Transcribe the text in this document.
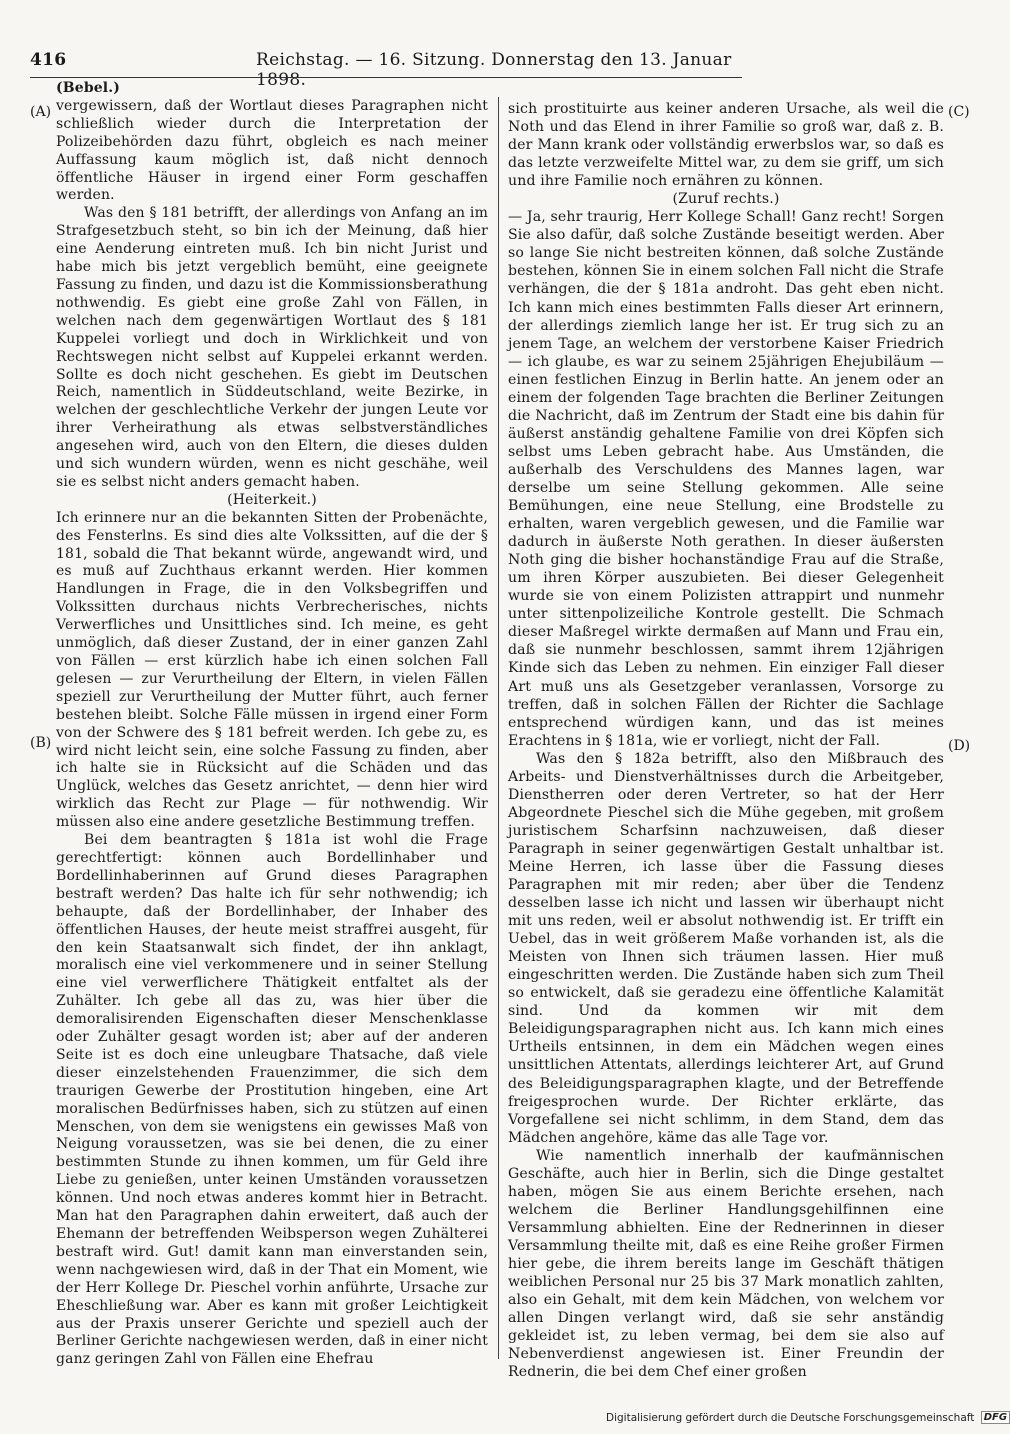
416	Reichstag. — 16. Sitzung. Donnerstag den 13. Januar 1898.
(A)
(B)
(C)
(D)

(Bebel.)

vergewissern, daß der Wortlaut dieses Paragraphen nicht schließlich wieder durch die Interpretation der Polizeibehörden dazu führt, obgleich es nach meiner Auffassung kaum möglich ist, daß nicht dennoch öffentliche Häuser in irgend einer Form geschaffen werden.

Was den § 181 betrifft, der allerdings von Anfang an im Strafgesetzbuch steht, so bin ich der Meinung, daß hier eine Aenderung eintreten muß. Ich bin nicht Jurist und habe mich bis jetzt vergeblich bemüht, eine geeignete Fassung zu finden, und dazu ist die Kommissionsberathung nothwendig. Es giebt eine große Zahl von Fällen, in welchen nach dem gegenwärtigen Wortlaut des § 181 Kuppelei vorliegt und doch in Wirklichkeit und von Rechtswegen nicht selbst auf Kuppelei erkannt werden. Sollte es doch nicht geschehen. Es giebt im Deutschen Reich, namentlich in Süddeutschland, weite Bezirke, in welchen der geschlechtliche Verkehr der jungen Leute vor ihrer Verheirathung als etwas selbstverständliches angesehen wird, auch von den Eltern, die dieses dulden und sich wundern würden, wenn es nicht geschähe, weil sie es selbst nicht anders gemacht haben.

(Heiterkeit.)

Ich erinnere nur an die bekannten Sitten der Probenächte, des Fensterlns. Es sind dies alte Volkssitten, auf die der § 181, sobald die That bekannt würde, angewandt wird, und es muß auf Zuchthaus erkannt werden. Hier kommen Handlungen in Frage, die in den Volksbegriffen und Volkssitten durchaus nichts Verbrecherisches, nichts Verwerfliches und Unsittliches sind. Ich meine, es geht unmöglich, daß dieser Zustand, der in einer ganzen Zahl von Fällen — erst kürzlich habe ich einen solchen Fall gelesen — zur Verurtheilung der Eltern, in vielen Fällen speziell zur Verurtheilung der Mutter führt, auch ferner bestehen bleibt. Solche Fälle müssen in irgend einer Form von der Schwere des § 181 befreit werden. Ich gebe zu, es wird nicht leicht sein, eine solche Fassung zu finden, aber ich halte sie in Rücksicht auf die Schäden und das Unglück, welches das Gesetz anrichtet, — denn hier wird wirklich das Recht zur Plage — für nothwendig. Wir müssen also eine andere gesetzliche Bestimmung treffen.

Bei dem beantragten § 181a ist wohl die Frage gerechtfertigt: können auch Bordellinhaber und Bordellinhaberinnen auf Grund dieses Paragraphen bestraft werden? Das halte ich für sehr nothwendig; ich behaupte, daß der Bordellinhaber, der Inhaber des öffentlichen Hauses, der heute meist straffrei ausgeht, für den kein Staatsanwalt sich findet, der ihn anklagt, moralisch eine viel verkommenere und in seiner Stellung eine viel verwerflichere Thätigkeit entfaltet als der Zuhälter. Ich gebe all das zu, was hier über die demoralisirenden Eigenschaften dieser Menschenklasse oder Zuhälter gesagt worden ist; aber auf der anderen Seite ist es doch eine unleugbare Thatsache, daß viele dieser einzelstehenden Frauenzimmer, die sich dem traurigen Gewerbe der Prostitution hingeben, eine Art moralischen Bedürfnisses haben, sich zu stützen auf einen Menschen, von dem sie wenigstens ein gewisses Maß von Neigung voraussetzen, was sie bei denen, die zu einer bestimmten Stunde zu ihnen kommen, um für Geld ihre Liebe zu genießen, unter keinen Umständen voraussetzen können. Und noch etwas anderes kommt hier in Betracht. Man hat den Paragraphen dahin erweitert, daß auch der Ehemann der betreffenden Weibsperson wegen Zuhälterei bestraft wird. Gut! damit kann man einverstanden sein, wenn nachgewiesen wird, daß in der That ein Moment, wie der Herr Kollege Dr. Pieschel vorhin anführte, Ursache zur Eheschließung war. Aber es kann mit großer Leichtigkeit aus der Praxis unserer Gerichte und speziell auch der Berliner Gerichte nachgewiesen werden, daß in einer nicht ganz geringen Zahl von Fällen eine Ehefrau

sich prostituirte aus keiner anderen Ursache, als weil die Noth und das Elend in ihrer Familie so groß war, daß z. B. der Mann krank oder vollständig erwerbslos war, so daß es das letzte verzweifelte Mittel war, zu dem sie griff, um sich und ihre Familie noch ernähren zu können.

(Zuruf rechts.)

— Ja, sehr traurig, Herr Kollege Schall! Ganz recht! Sorgen Sie also dafür, daß solche Zustände beseitigt werden. Aber so lange Sie nicht bestreiten können, daß solche Zustände bestehen, können Sie in einem solchen Fall nicht die Strafe verhängen, die der § 181a androht. Das geht eben nicht. Ich kann mich eines bestimmten Falls dieser Art erinnern, der allerdings ziemlich lange her ist. Er trug sich zu an jenem Tage, an welchem der verstorbene Kaiser Friedrich — ich glaube, es war zu seinem 25jährigen Ehejubiläum — einen festlichen Einzug in Berlin hatte. An jenem oder an einem der folgenden Tage brachten die Berliner Zeitungen die Nachricht, daß im Zentrum der Stadt eine bis dahin für äußerst anständig gehaltene Familie von drei Köpfen sich selbst ums Leben gebracht habe. Aus Umständen, die außerhalb des Verschuldens des Mannes lagen, war derselbe um seine Stellung gekommen. Alle seine Bemühungen, eine neue Stellung, eine Brodstelle zu erhalten, waren vergeblich gewesen, und die Familie war dadurch in äußerste Noth gerathen. In dieser äußersten Noth ging die bisher hochanständige Frau auf die Straße, um ihren Körper auszubieten. Bei dieser Gelegenheit wurde sie von einem Polizisten attrappirt und nunmehr unter sittenpolizeiliche Kontrole gestellt. Die Schmach dieser Maßregel wirkte dermaßen auf Mann und Frau ein, daß sie nunmehr beschlossen, sammt ihrem 12jährigen Kinde sich das Leben zu nehmen. Ein einziger Fall dieser Art muß uns als Gesetzgeber veranlassen, Vorsorge zu treffen, daß in solchen Fällen der Richter die Sachlage entsprechend würdigen kann, und das ist meines Erachtens in § 181a, wie er vorliegt, nicht der Fall.

Was den § 182a betrifft, also den Mißbrauch des Arbeits- und Dienstverhältnisses durch die Arbeitgeber, Dienstherren oder deren Vertreter, so hat der Herr Abgeordnete Pieschel sich die Mühe gegeben, mit großem juristischem Scharfsinn nachzuweisen, daß dieser Paragraph in seiner gegenwärtigen Gestalt unhaltbar ist. Meine Herren, ich lasse über die Fassung dieses Paragraphen mit mir reden; aber über die Tendenz desselben lasse ich nicht und lassen wir überhaupt nicht mit uns reden, weil er absolut nothwendig ist. Er trifft ein Uebel, das in weit größerem Maße vorhanden ist, als die Meisten von Ihnen sich träumen lassen. Hier muß eingeschritten werden. Die Zustände haben sich zum Theil so entwickelt, daß sie geradezu eine öffentliche Kalamität sind. Und da kommen wir mit dem Beleidigungsparagraphen nicht aus. Ich kann mich eines Urtheils entsinnen, in dem ein Mädchen wegen eines unsittlichen Attentats, allerdings leichterer Art, auf Grund des Beleidigungsparagraphen klagte, und der Betreffende freigesprochen wurde. Der Richter erklärte, das Vorgefallene sei nicht schlimm, in dem Stand, dem das Mädchen angehöre, käme das alle Tage vor.

Wie namentlich innerhalb der kaufmännischen Geschäfte, auch hier in Berlin, sich die Dinge gestaltet haben, mögen Sie aus einem Berichte ersehen, nach welchem die Berliner Handlungsgehilfinnen eine Versammlung abhielten. Eine der Rednerinnen in dieser Versammlung theilte mit, daß es eine Reihe großer Firmen hier gebe, die ihrem bereits lange im Geschäft thätigen weiblichen Personal nur 25 bis 37 Mark monatlich zahlten, also ein Gehalt, mit dem kein Mädchen, von welchem vor allen Dingen verlangt wird, daß sie sehr anständig gekleidet ist, zu leben vermag, bei dem sie also auf Nebenverdienst angewiesen ist. Einer Freundin der Rednerin, die bei dem Chef einer großen

Digitalisierung gefördert durch die Deutsche Forschungsgemeinschaft DFG
